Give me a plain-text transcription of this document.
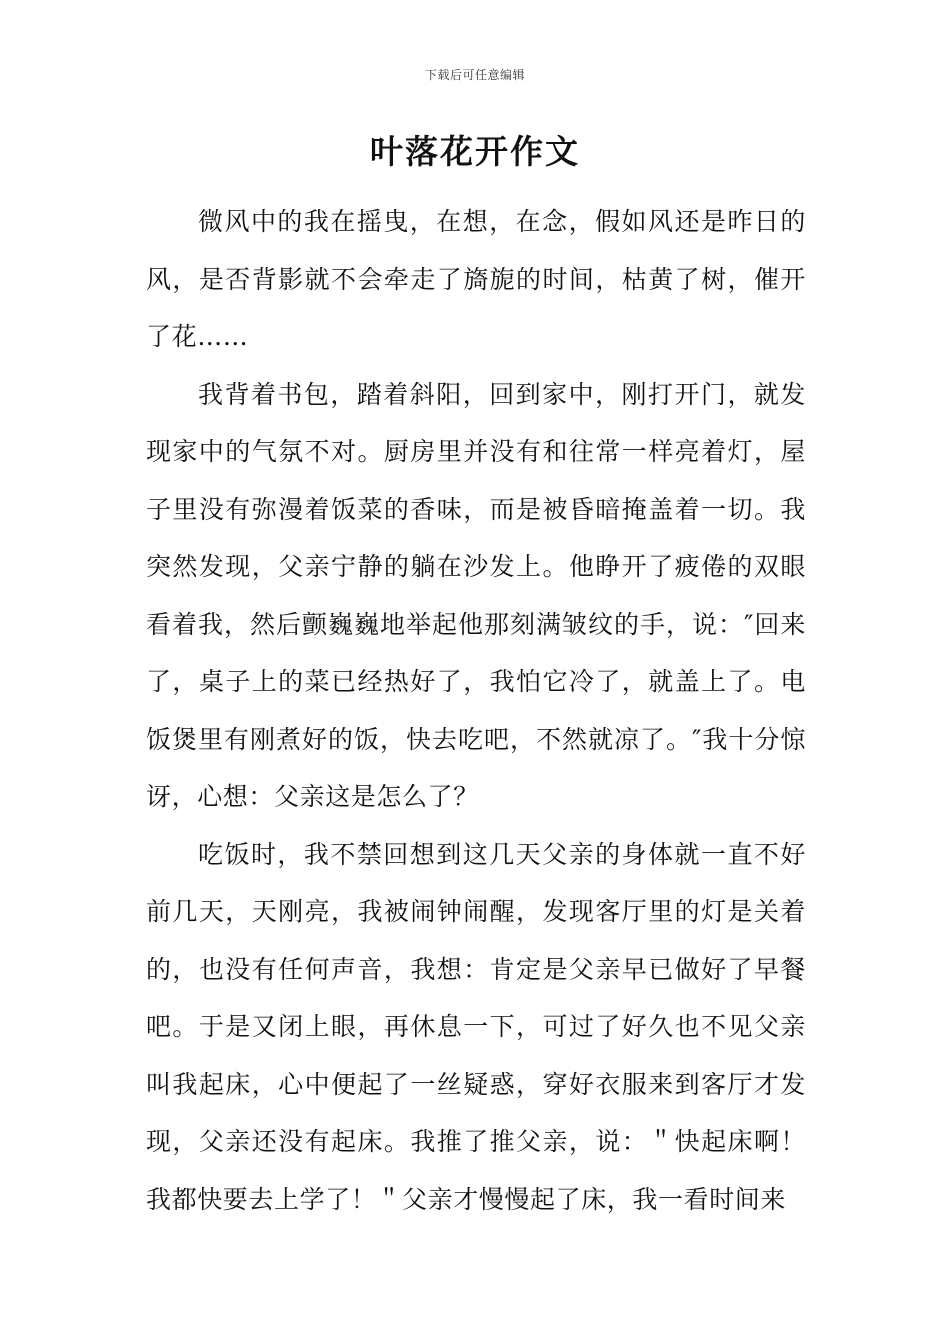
下载后可任意编辑
叶落花开作文

微风中的我在摇曳，在想，在念，假如风还是昨日的风，是否背影就不会牵走了旖旎的时间，枯黄了树，催开了花……

我背着书包，踏着斜阳，回到家中，刚打开门，就发现家中的气氛不对。厨房里并没有和往常一样亮着灯，屋子里没有弥漫着饭菜的香味，而是被昏暗掩盖着一切。我突然发现，父亲宁静的躺在沙发上。他睁开了疲倦的双眼看着我，然后颤巍巍地举起他那刻满皱纹的手，说：″回来了，桌子上的菜已经热好了，我怕它冷了，就盖上了。电饭煲里有刚煮好的饭，快去吃吧，不然就凉了。″我十分惊讶，心想：父亲这是怎么了？

吃饭时，我不禁回想到这几天父亲的身体就一直不好前几天，天刚亮，我被闹钟闹醒，发现客厅里的灯是关着的，也没有任何声音，我想：肯定是父亲早已做好了早餐吧。于是又闭上眼，再休息一下，可过了好久也不见父亲叫我起床，心中便起了一丝疑惑，穿好衣服来到客厅才发现，父亲还没有起床。我推了推父亲，说：＂快起床啊！我都快要去上学了！＂父亲才慢慢起了床，我一看时间来
